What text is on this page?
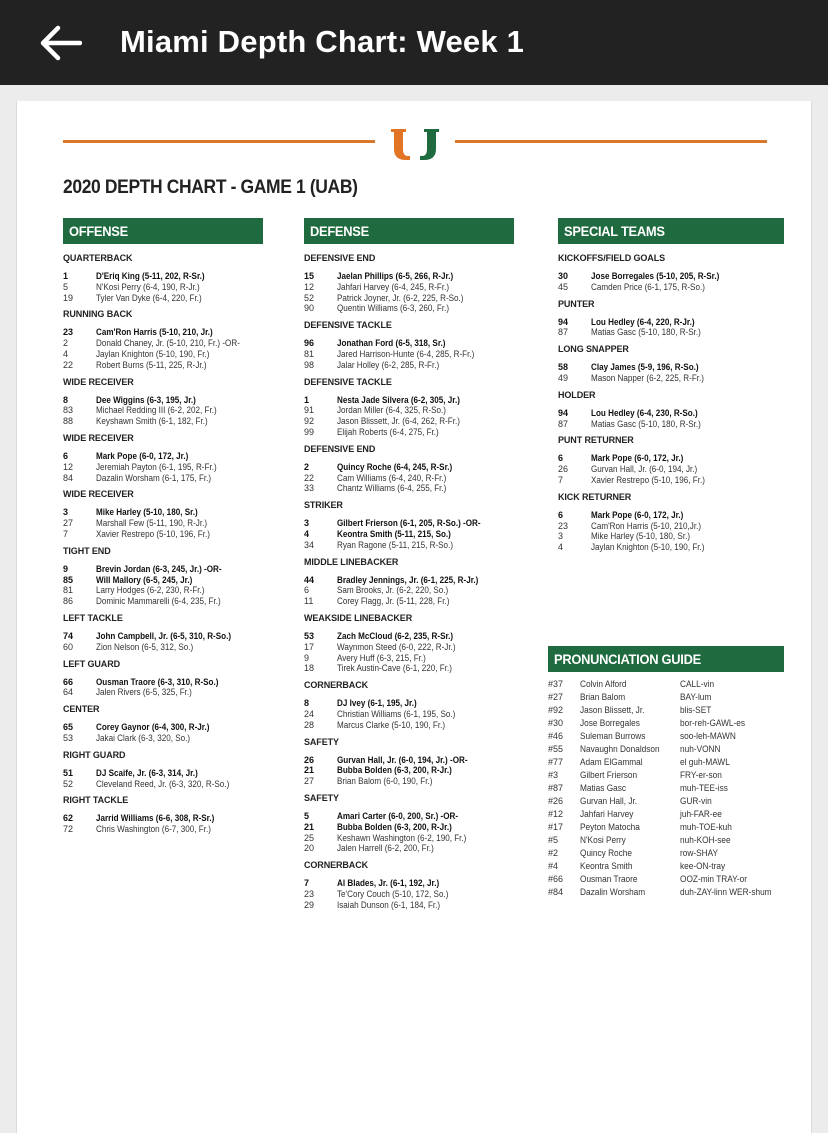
Miami Depth Chart: Week 1
2020 DEPTH CHART - GAME 1 (UAB)
OFFENSE
QUARTERBACK
1	D'Eriq King (5-11, 202, R-Sr.)
5	N'Kosi Perry (6-4, 190, R-Jr.)
19	Tyler Van Dyke (6-4, 220, Fr.)
RUNNING BACK
23	Cam'Ron Harris (5-10, 210, Jr.)
2	Donald Chaney, Jr. (5-10, 210, Fr.) -OR-
4	Jaylan Knighton (5-10, 190, Fr.)
22	Robert Burns (5-11, 225, R-Jr.)
WIDE RECEIVER
8	Dee Wiggins (6-3, 195, Jr.)
83	Michael Redding III (6-2, 202, Fr.)
88	Keyshawn Smith (6-1, 182, Fr.)
WIDE RECEIVER
6	Mark Pope (6-0, 172, Jr.)
12	Jeremiah Payton (6-1, 195, R-Fr.)
84	Dazalin Worsham (6-1, 175, Fr.)
WIDE RECEIVER
3	Mike Harley (5-10, 180, Sr.)
27	Marshall Few (5-11, 190, R-Jr.)
7	Xavier Restrepo (5-10, 196, Fr.)
TIGHT END
9	Brevin Jordan (6-3, 245, Jr.) -OR-
85	Will Mallory (6-5, 245, Jr.)
81	Larry Hodges (6-2, 230, R-Fr.)
86	Dominic Mammarelli (6-4, 235, Fr.)
LEFT TACKLE
74	John Campbell, Jr. (6-5, 310, R-So.)
60	Zion Nelson (6-5, 312, So.)
LEFT GUARD
66	Ousman Traore (6-3, 310, R-So.)
64	Jalen Rivers (6-5, 325, Fr.)
CENTER
65	Corey Gaynor (6-4, 300, R-Jr.)
53	Jakai Clark (6-3, 320, So.)
RIGHT GUARD
51	DJ Scaife, Jr. (6-3, 314, Jr.)
52	Cleveland Reed, Jr. (6-3, 320, R-So.)
RIGHT TACKLE
62	Jarrid Williams (6-6, 308, R-Sr.)
72	Chris Washington (6-7, 300, Fr.)
DEFENSE
DEFENSIVE END
15	Jaelan Phillips (6-5, 266, R-Jr.)
12	Jahfari Harvey (6-4, 245, R-Fr.)
52	Patrick Joyner, Jr. (6-2, 225, R-So.)
90	Quentin Williams (6-3, 260, Fr.)
DEFENSIVE TACKLE
96	Jonathan Ford (6-5, 318, Sr.)
81	Jared Harrison-Hunte (6-4, 285, R-Fr.)
98	Jalar Holley (6-2, 285, R-Fr.)
DEFENSIVE TACKLE
1	Nesta Jade Silvera (6-2, 305, Jr.)
91	Jordan Miller (6-4, 325, R-So.)
92	Jason Blissett, Jr. (6-4, 262, R-Fr.)
99	Elijah Roberts (6-4, 275, Fr.)
DEFENSIVE END
2	Quincy Roche (6-4, 245, R-Sr.)
22	Cam Williams (6-4, 240, R-Fr.)
33	Chantz Williams (6-4, 255, Fr.)
STRIKER
3	Gilbert Frierson (6-1, 205, R-So.) -OR-
4	Keontra Smith (5-11, 215, So.)
34	Ryan Ragone (5-11, 215, R-So.)
MIDDLE LINEBACKER
44	Bradley Jennings, Jr. (6-1, 225, R-Jr.)
6	Sam Brooks, Jr. (6-2, 220, So.)
11	Corey Flagg, Jr. (5-11, 228, Fr.)
WEAKSIDE LINEBACKER
53	Zach McCloud (6-2, 235, R-Sr.)
17	Waynmon Steed (6-0, 222, R-Jr.)
9	Avery Huff (6-3, 215, Fr.)
18	Tirek Austin-Cave (6-1, 220, Fr.)
CORNERBACK
8	DJ Ivey (6-1, 195, Jr.)
24	Christian Williams (6-1, 195, So.)
28	Marcus Clarke (5-10, 190, Fr.)
SAFETY
26	Gurvan Hall, Jr. (6-0, 194, Jr.) -OR-
21	Bubba Bolden (6-3, 200, R-Jr.)
27	Brian Balom (6-0, 190, Fr.)
SAFETY
5	Amari Carter (6-0, 200, Sr.) -OR-
21	Bubba Bolden (6-3, 200, R-Jr.)
25	Keshawn Washington (6-2, 190, Fr.)
20	Jalen Harrell (6-2, 200, Fr.)
CORNERBACK
7	Al Blades, Jr. (6-1, 192, Jr.)
23	Te'Cory Couch (5-10, 172, So.)
29	Isaiah Dunson (6-1, 184, Fr.)
SPECIAL TEAMS
KICKOFFS/FIELD GOALS
30	Jose Borregales (5-10, 205, R-Sr.)
45	Camden Price (6-1, 175, R-So.)
PUNTER
94	Lou Hedley (6-4, 220, R-Jr.)
87	Matias Gasc (5-10, 180, R-Sr.)
LONG SNAPPER
58	Clay James (5-9, 196, R-So.)
49	Mason Napper (6-2, 225, R-Fr.)
HOLDER
94	Lou Hedley (6-4, 230, R-So.)
87	Matias Gasc (5-10, 180, R-Sr.)
PUNT RETURNER
6	Mark Pope (6-0, 172, Jr.)
26	Gurvan Hall, Jr. (6-0, 194, Jr.)
7	Xavier Restrepo (5-10, 196, Fr.)
KICK RETURNER
6	Mark Pope (6-0, 172, Jr.)
23	Cam'Ron Harris (5-10, 210,Jr.)
3	Mike Harley (5-10, 180, Sr.)
4	Jaylan Knighton (5-10, 190, Fr.)
PRONUNCIATION GUIDE
#37	Colvin Alford	CALL-vin
#27	Brian Balom	BAY-lum
#92	Jason Blissett, Jr.	blis-SET
#30	Jose Borregales	bor-reh-GAWL-es
#46	Suleman Burrows	soo-leh-MAWN
#55	Navaughn Donaldson	nuh-VONN
#77	Adam ElGammal	el guh-MAWL
#3	Gilbert Frierson	FRY-er-son
#87	Matias Gasc	muh-TEE-iss
#26	Gurvan Hall, Jr.	GUR-vin
#12	Jahfari Harvey	juh-FAR-ee
#17	Peyton Matocha	muh-TOE-kuh
#5	N'Kosi Perry	nuh-KOH-see
#2	Quincy Roche	row-SHAY
#4	Keontra Smith	kee-ON-tray
#66	Ousman Traore	OOZ-min TRAY-or
#84	Dazalin Worsham	duh-ZAY-linn WER-shum
